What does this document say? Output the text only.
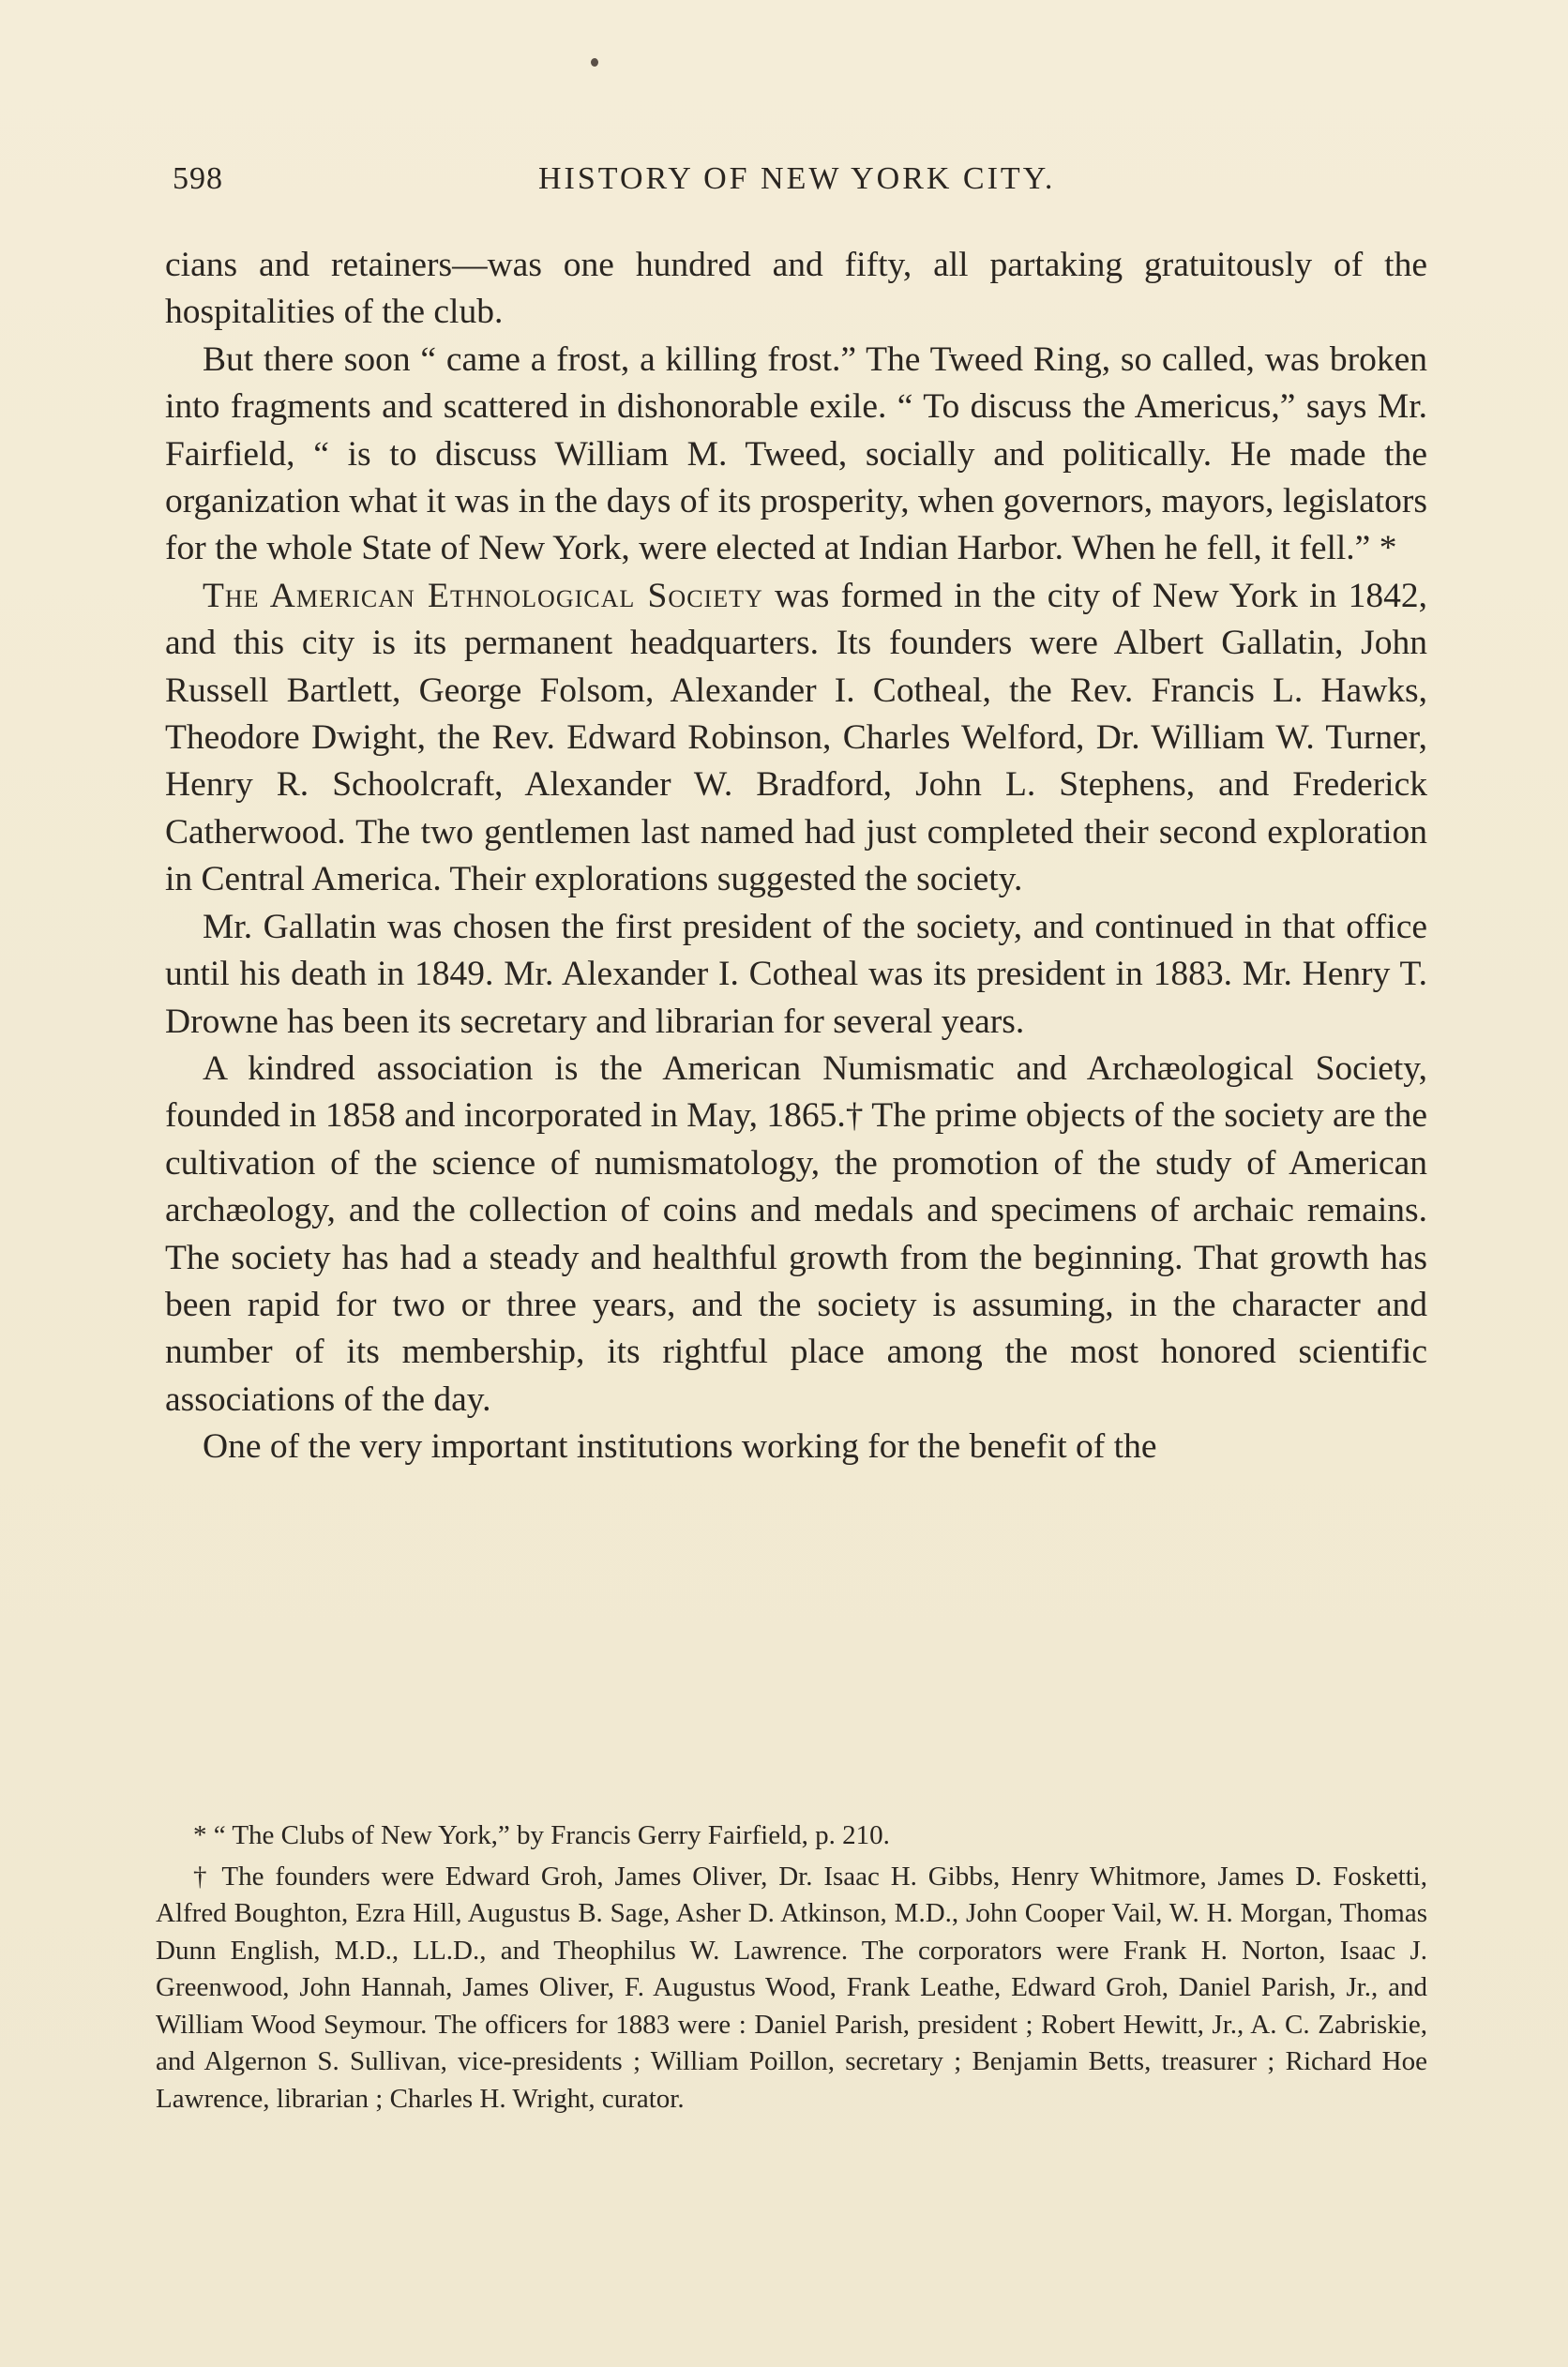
598	HISTORY OF NEW YORK CITY.

cians and retainers—was one hundred and fifty, all partaking gratuitously of the hospitalities of the club.

But there soon “ came a frost, a killing frost.” The Tweed Ring, so called, was broken into fragments and scattered in dishonorable exile. “ To discuss the Americus,” says Mr. Fairfield, “ is to discuss William M. Tweed, socially and politically. He made the organization what it was in the days of its prosperity, when governors, mayors, legislators for the whole State of New York, were elected at Indian Harbor. When he fell, it fell.” *

The American Ethnological Society was formed in the city of New York in 1842, and this city is its permanent headquarters. Its founders were Albert Gallatin, John Russell Bartlett, George Folsom, Alexander I. Cotheal, the Rev. Francis L. Hawks, Theodore Dwight, the Rev. Edward Robinson, Charles Welford, Dr. William W. Turner, Henry R. Schoolcraft, Alexander W. Bradford, John L. Stephens, and Frederick Catherwood. The two gentlemen last named had just completed their second exploration in Central America. Their explorations suggested the society.

Mr. Gallatin was chosen the first president of the society, and continued in that office until his death in 1849. Mr. Alexander I. Cotheal was its president in 1883. Mr. Henry T. Drowne has been its secretary and librarian for several years.

A kindred association is the American Numismatic and Archæological Society, founded in 1858 and incorporated in May, 1865.† The prime objects of the society are the cultivation of the science of numismatology, the promotion of the study of American archæology, and the collection of coins and medals and specimens of archaic remains. The society has had a steady and healthful growth from the beginning. That growth has been rapid for two or three years, and the society is assuming, in the character and number of its membership, its rightful place among the most honored scientific associations of the day.

One of the very important institutions working for the benefit of the

* “ The Clubs of New York,” by Francis Gerry Fairfield, p. 210.

† The founders were Edward Groh, James Oliver, Dr. Isaac H. Gibbs, Henry Whitmore, James D. Fosketti, Alfred Boughton, Ezra Hill, Augustus B. Sage, Asher D. Atkinson, M.D., John Cooper Vail, W. H. Morgan, Thomas Dunn English, M.D., LL.D., and Theophilus W. Lawrence. The corporators were Frank H. Norton, Isaac J. Greenwood, John Hannah, James Oliver, F. Augustus Wood, Frank Leathe, Edward Groh, Daniel Parish, Jr., and William Wood Seymour. The officers for 1883 were : Daniel Parish, president ; Robert Hewitt, Jr., A. C. Zabriskie, and Algernon S. Sullivan, vice-presidents ; William Poillon, secretary ; Benjamin Betts, treasurer ; Richard Hoe Lawrence, librarian ; Charles H. Wright, curator.
